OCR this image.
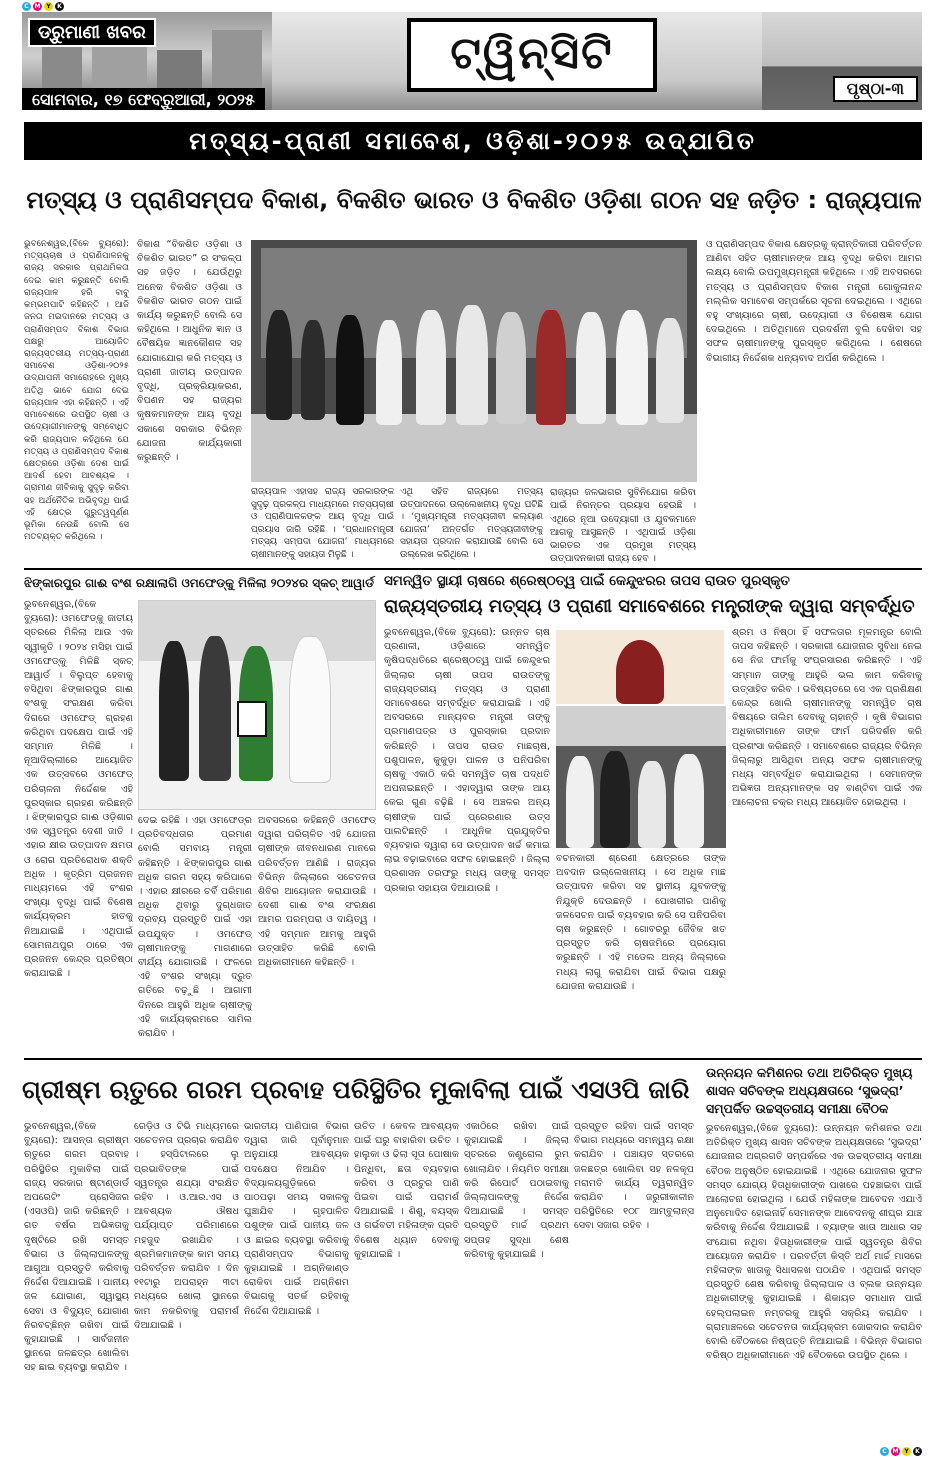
C M Y	K
C M Y	K
ଡ୍ରୁମାଣୀ ଖବର	ଟ୍ୱିନ୍‌ସିଟି
ସୋମବାର, ୧୭ ଫେବ୍ରୁଆରୀ, ୨୦୨୫
ପୃଷ୍ଠା-୩
ମତ୍ସ୍ୟ-ପ୍ରାଣୀ ସମାବେଶ, ଓଡ଼ିଶା-୨୦୨୫ ଉଦ୍‌ଯାପିତ
ମତ୍ସ୍ୟ ଓ ପ୍ରାଣିସମ୍ପଦ ବିକାଶ, ବିକଶିତ ଭାରତ ଓ ବିକଶିତ ଓଡ଼ିଶା ଗଠନ ସହ ଜଡ଼ିତ : ରାଜ୍ୟପାଳ

ଭୁବନେଶ୍ୱର,(ବିକେ ବ୍ୟୁରୋ): ମତ୍ସ୍ୟଚାଷ ଓ ପ୍ରାଣିପାଳନକୁ ରାଜ୍ୟ ସରକାର ପ୍ରାଥମିକତା ଦେଇ କାମ କରୁଛନ୍ତି ବୋଲି ରାଜ୍ୟପାଳ ହରି ବାବୁ କମ୍ଭମପାଟି କହିଛନ୍ତି । ଆଜି ଜନତା ମଇଦାନରେ ମତ୍ସ୍ୟ ଓ ପ୍ରାଣିସମ୍ପଦ ବିକାଶ ବିଭାଗ ପକ୍ଷରୁ ଆୟୋଜିତ ରାଜ୍ୟସ୍ତରୀୟ ମତ୍ସ୍ୟ-ପ୍ରାଣୀ ସମାବେଶ ଓଡ଼ିଶା-୨୦୨୫ ଉଦ୍‌ଯାପନୀ ସମାରୋହରେ ମୁଖ୍ୟ ଅତିଥି ଭାବେ ଯୋଗ ଦେଇ ରାଜ୍ୟପାଳ ଏହା କହିଛନ୍ତି । ଏହି ସମାବେଶରେ ଉପସ୍ଥିତ ଚାଷୀ ଓ ଉଦ୍ୟୋଗୀମାନଙ୍କୁ ସମ୍ବୋଧିତ କରି ରାଜ୍ୟପାଳ କହିଥିଲେ ଯେ ମତ୍ସ୍ୟ ଓ ପ୍ରାଣିସମ୍ପଦ ବିକାଶ କ୍ଷେତ୍ରରେ ଓଡ଼ିଶା ଦେଶ ପାଇଁ ଆଦର୍ଶ ହେବା ଆବଶ୍ୟକ । ଗ୍ରାମୀଣ ଜୀବିକାକୁ ସୁଦୃଢ଼ କରିବା ସହ ଅର୍ଥନୈତିକ ଅଭିବୃଦ୍ଧି ପାଇଁ ଏହି କ୍ଷେତ୍ର ଗୁରୁତ୍ୱପୂର୍ଣ୍ଣ ଭୂମିକା ନେଉଛି ବୋଲି ସେ ମତବ୍ୟକ୍ତ କରିଥିଲେ ।

ବିକାଶ “ବିକଶିତ ଓଡ଼ିଶା ଓ ବିକଶିତ ଭାରତ” ର ସଂକଳ୍ପ ସହ ଜଡ଼ିତ । ଯେଉଁଥିରୁ ଅନେକ ବିକଶିତ ଓଡ଼ିଶା ଓ ବିକଶିତ ଭାରତ ଗଠନ ପାଇଁ କାର୍ଯ୍ୟ କରୁଛନ୍ତି ବୋଲି ସେ କହିଥିଲେ । ଆଧୁନିକ ଜ୍ଞାନ ଓ ବୈଷୟିକ ଜ୍ଞାନକୌଶଳ ସହ ଯୋଗାଯୋଗ କରି ମତ୍ସ୍ୟ ଓ ପ୍ରାଣୀ ଜାତୀୟ ଉତ୍ପାଦନ ବୃଦ୍ଧି, ପ୍ରକ୍ରିୟାକରଣ, ବିପଣନ ସହ ରାଜ୍ୟର କୃଷକମାନଙ୍କ ଆୟ ବୃଦ୍ଧି ସକାଶେ ସରକାର ବିଭିନ୍ନ ଯୋଜନା କାର୍ଯ୍ୟକାରୀ କରୁଛନ୍ତି ।

ରାଜ୍ୟପାଳ ଏହାସହ ରାଜ୍ୟ ସରକାରଙ୍କ ସୁଦୃଢ଼ ପ୍ରକଳ୍ପ ମାଧ୍ୟମରେ ମତ୍ସ୍ୟଚାଷୀ ଓ ପ୍ରାଣିପାଳକଙ୍କ ଆୟ ବୃଦ୍ଧି ପାଇଁ ପ୍ରୟାସ ଜାରି ରହିଛି । ‘ପ୍ରଧାନମନ୍ତ୍ରୀ ମତ୍ସ୍ୟ ସମ୍ପଦା ଯୋଜନା’ ମାଧ୍ୟମରେ ଚାଷୀମାନଙ୍କୁ ସହାୟତା ମିଳୁଛି ।

ଏଥି ସହିତ ରାଜ୍ୟରେ ମତ୍ସ୍ୟ ଉତ୍ପାଦନରେ ଉଲ୍ଲେଖନୀୟ ବୃଦ୍ଧି ଘଟିଛି । ‘ମୁଖ୍ୟମନ୍ତ୍ରୀ ମତ୍ସ୍ୟଜୀବୀ କଲ୍ୟାଣ ଯୋଜନା’ ଅନ୍ତର୍ଗତ ମତ୍ସ୍ୟଜୀବୀଙ୍କୁ ସହାୟତା ପ୍ରଦାନ କରାଯାଉଛି ବୋଲି ସେ ଉଲ୍ଲେଖ କରିଥିଲେ ।

ରାଜ୍ୟର ଜଳଭାଗର ସୁବିନିଯୋଗ କରିବା ପାଇଁ ନିରନ୍ତର ପ୍ରୟାସ ହେଉଛି । ଏଥିରେ ନୂଆ ଉଦ୍ୟୋଗୀ ଓ ଯୁବକମାନେ ଆଗକୁ ଆସୁଛନ୍ତି । ଏଥିପାଇଁ ଓଡ଼ିଶା ଭାରତର ଏକ ପ୍ରମୁଖ ମତ୍ସ୍ୟ ଉତ୍ପାଦନକାରୀ ରାଜ୍ୟ ହେବ ।

ଓ ପ୍ରାଣିସମ୍ପଦ ବିକାଶ କ୍ଷେତ୍ରକୁ କ୍ରାନ୍ତିକାରୀ ପରିବର୍ତ୍ତନ ଆଣିବା ସହିତ ଚାଷୀମାନଙ୍କ ଆୟ ବୃଦ୍ଧି କରିବା ଆମର ଲକ୍ଷ୍ୟ ବୋଲି ଉପମୁଖ୍ୟମନ୍ତ୍ରୀ କହିଥିଲେ । ଏହି ଅବସରରେ ମତ୍ସ୍ୟ ଓ ପ୍ରାଣିସମ୍ପଦ ବିକାଶ ମନ୍ତ୍ରୀ ଗୋକୁଳାନନ୍ଦ ମଲ୍ଲିକ ସମାବେଶ ସମ୍ପର୍କରେ ସୂଚନା ଦେଇଥିଲେ । ଏଥିରେ ବହୁ ସଂଖ୍ୟାରେ ଚାଷୀ, ଉଦ୍ୟୋଗୀ ଓ ବିଶେଷଜ୍ଞ ଯୋଗ ଦେଇଥିଲେ । ଅତିଥିମାନେ ପ୍ରଦର୍ଶନୀ ବୁଲି ଦେଖିବା ସହ ସଫଳ ଚାଷୀମାନଙ୍କୁ ପୁରସ୍କୃତ କରିଥିଲେ । ଶେଷରେ ବିଭାଗୀୟ ନିର୍ଦ୍ଦେଶକ ଧନ୍ୟବାଦ ଅର୍ପଣ କରିଥିଲେ ।

ଝିଙ୍କାରପୁର ଗାଈ ବଂଶ ରକ୍ଷାଲାଗି ଓମଫେଡ୍‌କୁ ମିଳିଲା ୨୦୨୪ର ସ୍କଚ୍ ଆୱାର୍ଡ

ଭୁବନେଶ୍ୱର,(ବିକେ ବ୍ୟୁରୋ): ଓମଫେଡ୍‌କୁ ଜାତୀୟ ସ୍ତରରେ ମିଳିଲା ଆଉ ଏକ ସ୍ୱୀକୃତି । ୨୦୨୪ ମସିହା ପାଇଁ ଓମଫେଡ୍‌କୁ ମିଳିଛି ସ୍କଚ୍ ଆୱାର୍ଡ । ବିଲୁପ୍ତ ହେବାକୁ ବସିଥିବା ଝିଙ୍କାରପୁର ଗାଈ ବଂଶକୁ ସଂରକ୍ଷଣ କରିବା ଦିଗରେ ଓମଫେଡ୍ ଗ୍ରହଣ କରିଥିବା ପଦକ୍ଷେପ ପାଇଁ ଏହି ସମ୍ମାନ ମିଳିଛି । ନୂଆଦିଲ୍ଲୀରେ ଆୟୋଜିତ ଏକ ଉତ୍ସବରେ ଓମଫେଡ୍ ପରିଚାଳନା ନିର୍ଦ୍ଦେଶକ ଏହି ପୁରସ୍କାର ଗ୍ରହଣ କରିଛନ୍ତି । ଝିଙ୍କାରପୁର ଗାଈ ଓଡ଼ିଶାର ଏକ ସ୍ୱତନ୍ତ୍ର ଦେଶୀ ଜାତି । ଏହାର କ୍ଷୀର ଉତ୍ପାଦନ କ୍ଷମତା ଓ ରୋଗ ପ୍ରତିରୋଧକ ଶକ୍ତି ଅଧିକ । କୃତ୍ରିମ ପ୍ରଜନନ ମାଧ୍ୟମରେ ଏହି ବଂଶର ସଂଖ୍ୟା ବୃଦ୍ଧି ପାଇଁ ବିଶେଷ କାର୍ଯ୍ୟକ୍ରମ ହାତକୁ ନିଆଯାଇଛି । ଏଥିପାଇଁ ସୋମନାଥପୁର ଠାରେ ଏକ ପ୍ରଜନନ କେନ୍ଦ୍ର ପ୍ରତିଷ୍ଠା କରାଯାଇଛି ।

ଦେଇ ରହିଛି । ଏହା ଓମଫେଡ୍‌ର ପ୍ରତିବଦ୍ଧତାର ପ୍ରମାଣ ବୋଲି ସମବାୟ ମନ୍ତ୍ରୀ କହିଛନ୍ତି । ଝିଙ୍କାରପୁର ଗାଈ ଅଧିକ ଗରମ ସହ୍ୟ କରିପାରେ । ଏହାର କ୍ଷୀରରେ ଚର୍ବି ପରିମାଣ ଅଧିକ ଥିବାରୁ ଦୁଗ୍ଧଜାତ ଦ୍ରବ୍ୟ ପ୍ରସ୍ତୁତି ପାଇଁ ଏହା ଉପଯୁକ୍ତ । ଓମଫେଡ୍ ଚାଷୀମାନଙ୍କୁ ମାଗଣାରେ ବୀର୍ଯ୍ୟ ଯୋଗାଉଛି । ଫଳରେ ଏହି ବଂଶର ସଂଖ୍ୟା ଦ୍ରୁତ ଗତିରେ ବଢ଼ୁଛି । ଆଗାମୀ ଦିନରେ ଆହୁରି ଅଧିକ ଚାଷୀଙ୍କୁ ଏହି କାର୍ଯ୍ୟକ୍ରମରେ ସାମିଲ କରାଯିବ ।

ଅବସରରେ କହିଛନ୍ତି ଓମଫେଡ୍ ଦ୍ୱାରା ପରିଚାଳିତ ଏହି ଯୋଜନା ଚାଷୀଙ୍କ ଜୀବନଧାରଣ ମାନରେ ପରିବର୍ତ୍ତନ ଆଣିଛି । ରାଜ୍ୟର ବିଭିନ୍ନ ଜିଲ୍ଲାରେ ସଚେତନତା ଶିବିର ଆୟୋଜନ କରାଯାଉଛି । ଦେଶୀ ଗାଈ ବଂଶ ସଂରକ୍ଷଣ ଆମର ପରମ୍ପରା ଓ ଦାୟିତ୍ୱ । ଏହି ସମ୍ମାନ ଆମକୁ ଆହୁରି ଉତ୍ସାହିତ କରିଛି ବୋଲି ଅଧିକାରୀମାନେ କହିଛନ୍ତି ।

ସମନ୍ୱିତ ସ୍ଥାୟୀ ଚାଷରେ ଶ୍ରେଷ୍ଠତ୍ୱ ପାଇଁ କେନ୍ଦୁଝରର ତାପସ ରାଉତ ପୁରସ୍କୃତ
ରାଜ୍ୟସ୍ତରୀୟ ମତ୍ସ୍ୟ ଓ ପ୍ରାଣୀ ସମାବେଶରେ ମନ୍ତ୍ରୀଙ୍କ ଦ୍ୱାରା ସମ୍ବର୍ଦ୍ଧିତ

ଭୁବନେଶ୍ୱର,(ବିକେ ବ୍ୟୁରୋ): ଉନ୍ନତ ଚାଷ ପ୍ରଣାଳୀ, ଓଡ଼ିଶାରେ ସମନ୍ୱିତ କୃଷିପଦ୍ଧତିରେ ଶ୍ରେଷ୍ଠତ୍ୱ ପାଇଁ କେନ୍ଦୁଝର ଜିଲ୍ଲାର ଚାଷୀ ତାପସ ରାଉତଙ୍କୁ ରାଜ୍ୟସ୍ତରୀୟ ମତ୍ସ୍ୟ ଓ ପ୍ରାଣୀ ସମାବେଶରେ ସମ୍ବର୍ଦ୍ଧିତ କରାଯାଇଛି । ଏହି ଅବସରରେ ମାନ୍ୟବର ମନ୍ତ୍ରୀ ତାଙ୍କୁ ପ୍ରମାଣପତ୍ର ଓ ପୁରସ୍କାର ପ୍ରଦାନ କରିଛନ୍ତି । ତାପସ ରାଉତ ମାଛଚାଷ, ପଶୁପାଳନ, କୁକୁଡ଼ା ପାଳନ ଓ ପନିପରିବା ଚାଷକୁ ଏକାଠି କରି ସମନ୍ୱିତ ଚାଷ ପଦ୍ଧତି ଅପନାଇଛନ୍ତି । ଏହାଦ୍ୱାରା ତାଙ୍କ ଆୟ କେଇ ଗୁଣ ବଢ଼ିଛି । ସେ ଅଞ୍ଚଳର ଅନ୍ୟ ଚାଷୀଙ୍କ ପାଇଁ ପ୍ରେରଣାର ଉତ୍ସ ପାଲଟିଛନ୍ତି । ଆଧୁନିକ ପ୍ରଯୁକ୍ତିର ବ୍ୟବହାର ଦ୍ୱାରା ସେ ଉତ୍ପାଦନ ଖର୍ଚ୍ଚ କମାଇ ଲାଭ ବଢ଼ାଇବାରେ ସଫଳ ହୋଇଛନ୍ତି । ଜିଲ୍ଲା ପ୍ରଶାସନ ତରଫରୁ ମଧ୍ୟ ତାଙ୍କୁ ସମସ୍ତ ପ୍ରକାର ସହାୟତା ଦିଆଯାଉଛି ।

ବଚନକାରୀ ଶ୍ରେଣୀ କ୍ଷେତ୍ରରେ ତାଙ୍କ ଅବଦାନ ଉଲ୍ଲେଖନୀୟ । ସେ ଅଧିକ ମାଛ ଉତ୍ପାଦନ କରିବା ସହ ସ୍ଥାନୀୟ ଯୁବକଙ୍କୁ ନିଯୁକ୍ତି ଦେଉଛନ୍ତି । ପୋଖରୀର ପାଣିକୁ ଜଳସେଚନ ପାଇଁ ବ୍ୟବହାର କରି ସେ ପନିପରିବା ଚାଷ କରୁଛନ୍ତି । ଗୋବରରୁ ଜୈବିକ ଖତ ପ୍ରସ୍ତୁତ କରି ଚାଷଜମିରେ ପ୍ରୟୋଗ କରୁଛନ୍ତି । ଏହି ମଡେଲ ଅନ୍ୟ ଜିଲ୍ଲାରେ ମଧ୍ୟ ଲାଗୁ କରାଯିବା ପାଇଁ ବିଭାଗ ପକ୍ଷରୁ ଯୋଜନା କରାଯାଉଛି ।

ଶ୍ରମ ଓ ନିଷ୍ଠା ହିଁ ସଫଳତାର ମୂଳମନ୍ତ୍ର ବୋଲି ତାପସ କହିଛନ୍ତି । ସରକାରୀ ଯୋଜନାର ସୁବିଧା ନେଇ ସେ ନିଜ ଫାର୍ମକୁ ସଂପ୍ରସାରଣ କରିଛନ୍ତି । ଏହି ସମ୍ମାନ ତାଙ୍କୁ ଆହୁରି ଭଲ କାମ କରିବାକୁ ଉତ୍ସାହିତ କରିବ । ଭବିଷ୍ୟତରେ ସେ ଏକ ପ୍ରଶିକ୍ଷଣ କେନ୍ଦ୍ର ଖୋଲି ଚାଷୀମାନଙ୍କୁ ସମନ୍ୱିତ ଚାଷ ବିଷୟରେ ତାଲିମ ଦେବାକୁ ଚାହାନ୍ତି । କୃଷି ବିଭାଗର ଅଧିକାରୀମାନେ ତାଙ୍କ ଫାର୍ମ ପରିଦର୍ଶନ କରି ପ୍ରଶଂସା କରିଛନ୍ତି । ସମାବେଶରେ ରାଜ୍ୟର ବିଭିନ୍ନ ଜିଲ୍ଲାରୁ ଆସିଥିବା ଅନ୍ୟ ସଫଳ ଚାଷୀମାନଙ୍କୁ ମଧ୍ୟ ସମ୍ବର୍ଦ୍ଧିତ କରାଯାଇଥିଲା । ସେମାନଙ୍କ ଅଭିଜ୍ଞତା ଅନ୍ୟମାନଙ୍କ ସହ ବାଣ୍ଟିବା ପାଇଁ ଏକ ଆଲୋଚନା ଚକ୍ର ମଧ୍ୟ ଆୟୋଜିତ ହୋଇଥିଲା ।

ଗ୍ରୀଷ୍ମ ଋତୁରେ ଗରମ ପ୍ରବାହ ପରିସ୍ଥିତିର ମୁକାବିଲା ପାଇଁ ଏସଓପି ଜାରି

ଭୁବନେଶ୍ୱର,(ବିକେ ବ୍ୟୁରୋ): ଆସନ୍ତା ଗ୍ରୀଷ୍ମ ଋତୁରେ ଗରମ ପ୍ରବାହ ପରିସ୍ଥିତିର ମୁକାବିଲା ପାଇଁ ରାଜ୍ୟ ସରକାର ଷ୍ଟାଣ୍ଡାର୍ଡ ଅପରେଟିଂ ପ୍ରୋସିଜର (ଏସଓପି) ଜାରି କରିଛନ୍ତି । ଗତ ବର୍ଷର ଅଭିଜ୍ଞତାକୁ ଦୃଷ୍ଟିରେ ରଖି ସମସ୍ତ ବିଭାଗ ଓ ଜିଲ୍ଲାପାଳଙ୍କୁ ଆଗୁଆ ପ୍ରସ୍ତୁତି କରିବାକୁ ନିର୍ଦ୍ଦେଶ ଦିଆଯାଇଛି । ପାନୀୟ ଜଳ ଯୋଗାଣ, ସ୍ୱାସ୍ଥ୍ୟ ସେବା ଓ ବିଦ୍ୟୁତ୍ ଯୋଗାଣ ନିରବଚ୍ଛିନ୍ନ ରଖିବା ପାଇଁ କୁହାଯାଇଛି । ସାର୍ବଜନୀନ ସ୍ଥାନରେ ଜଳଛତ୍ର ଖୋଲିବା ସହ ଛାଇ ବ୍ୟବସ୍ଥା କରାଯିବ ।

ରେଡ଼ିଓ ଓ ଟିଭି ମାଧ୍ୟମରେ ସଚେତନତା ପ୍ରଚାର କରାଯିବ । ହସ୍ପିଟାଲରେ ଲୁ ପ୍ରଭାବିତଙ୍କ ପାଇଁ ସ୍ୱତନ୍ତ୍ର ଶଯ୍ୟା ସଂରକ୍ଷିତ ରହିବ । ଓ.ଆର.ଏସ ଓ ଆବଶ୍ୟକ ଔଷଧ ପର୍ଯ୍ୟାପ୍ତ ପରିମାଣରେ ମହଜୁଦ ରଖାଯିବ । ଶ୍ରମିକମାନଙ୍କ କାମ ସମୟ ପରିବର୍ତ୍ତନ କରାଯିବ । ଦିନ ୧୧ଟାରୁ ଅପରାହ୍ନ ୩ଟା ମଧ୍ୟରେ ଖୋଲା ସ୍ଥାନରେ କାମ ନକରିବାକୁ ପରାମର୍ଶ ଦିଆଯାଇଛି ।

ଭାରତୀୟ ପାଣିପାଗ ବିଭାଗ ଦ୍ୱାରା ଜାରି ପୂର୍ବାନୁମାନ ଅନୁଯାୟୀ ଆବଶ୍ୟକ ପଦକ୍ଷେପ ନିଆଯିବ । ବିଦ୍ୟାଳୟଗୁଡ଼ିକରେ ପାଠପଢ଼ା ସମୟ ସକାଳକୁ ଘୁଞ୍ଚାଯିବ । ଗୃହପାଳିତ ପଶୁଙ୍କ ପାଇଁ ପାନୀୟ ଜଳ ଓ ଛାଇର ବ୍ୟବସ୍ଥା କରିବାକୁ ପ୍ରାଣିସମ୍ପଦ ବିଭାଗକୁ କୁହାଯାଇଛି । ଅଗ୍ନିକାଣ୍ଡ ରୋକିବା ପାଇଁ ଅଗ୍ନିଶମ ବିଭାଗକୁ ସତର୍କ ରହିବାକୁ ନିର୍ଦ୍ଦେଶ ଦିଆଯାଇଛି ।

ଉଚିତ । କେବଳ ଆବଶ୍ୟକ ପାଇଁ ଘରୁ ବାହାରିବା ଉଚିତ । ହାଲୁକା ଓ ଢିଲା ସୂତା ପୋଷାକ ପିନ୍ଧିବା, ଛତା ବ୍ୟବହାର କରିବା ଓ ପ୍ରଚୁର ପାଣି ପିଇବା ପାଇଁ ପରାମର୍ଶ ଦିଆଯାଇଛି । ଶିଶୁ, ବୟସ୍କ ଓ ଗର୍ଭବତୀ ମହିଳାଙ୍କ ପ୍ରତି ବିଶେଷ ଧ୍ୟାନ ଦେବାକୁ କୁହାଯାଇଛି ।

ଏକାଠିରେ ରଖିବା ପାଇଁ କୁହାଯାଇଛି । ଜିଲ୍ଲା ସ୍ତରରେ କଣ୍ଟ୍ରୋଲ ରୁମ ଖୋଲାଯିବ । ନିୟମିତ ସମୀକ୍ଷା କରି ରିପୋର୍ଟ ପଠାଇବାକୁ ଜିଲ୍ଲାପାଳଙ୍କୁ ନିର୍ଦ୍ଦେଶ ଦିଆଯାଇଛି । ସମସ୍ତ ପ୍ରସ୍ତୁତି ମାର୍ଚ୍ଚ ପ୍ରଥମ ସପ୍ତାହ ସୁଦ୍ଧା ଶେଷ କରିବାକୁ କୁହାଯାଇଛି ।

ପ୍ରସ୍ତୁତ ରହିବା ପାଇଁ ସମସ୍ତ ବିଭାଗ ମଧ୍ୟରେ ସମନ୍ୱୟ ରକ୍ଷା କରାଯିବ । ପଞ୍ଚାୟତ ସ୍ତରରେ ଜଳଛତ୍ର ଖୋଲିବା ସହ ନଳକୂପ ମରାମତି କାର୍ଯ୍ୟ ତ୍ୱରାନ୍ୱିତ କରାଯିବ । ଜରୁରୀକାଳୀନ ପରିସ୍ଥିତିରେ ୧୦୮ ଆମ୍ବୁଲାନ୍ସ ସେବା ସଜାଗ ରହିବ ।

ଉନ୍ନୟନ କମିଶନର ତଥା ଅତିରିକ୍ତ ମୁଖ୍ୟ ଶାସନ ସଚିବଙ୍କ ଅଧ୍ୟକ୍ଷତାରେ ‘ସୁଭଦ୍ରା’ ସମ୍ପର୍କିତ ଉଚ୍ଚସ୍ତରୀୟ ସମୀକ୍ଷା ବୈଠକ

ଭୁବନେଶ୍ୱର,(ବିକେ ବ୍ୟୁରୋ): ଉନ୍ନୟନ କମିଶନର ତଥା ଅତିରିକ୍ତ ମୁଖ୍ୟ ଶାସନ ସଚିବଙ୍କ ଅଧ୍ୟକ୍ଷତାରେ ‘ସୁଭଦ୍ରା’ ଯୋଜନାର ଅଗ୍ରଗତି ସମ୍ପର୍କରେ ଏକ ଉଚ୍ଚସ୍ତରୀୟ ସମୀକ୍ଷା ବୈଠକ ଅନୁଷ୍ଠିତ ହୋଇଯାଇଛି । ଏଥିରେ ଯୋଜନାର ସୁଫଳ ସମସ୍ତ ଯୋଗ୍ୟ ହିତାଧିକାରୀଙ୍କ ପାଖରେ ପହଞ୍ଚାଇବା ପାଇଁ ଆଲୋଚନା ହୋଇଥିଲା । ଯେଉଁ ମହିଳାଙ୍କ ଆବେଦନ ଏଯାଏଁ ଅନୁମୋଦିତ ହୋଇନାହିଁ ସେମାନଙ୍କ ଆବେଦନକୁ ଶୀଘ୍ର ଯାଞ୍ଚ କରିବାକୁ ନିର୍ଦ୍ଦେଶ ଦିଆଯାଇଛି । ବ୍ୟାଙ୍କ ଖାତା ଆଧାର ସହ ସଂଯୋଗ ନଥିବା ହିତାଧିକାରୀଙ୍କ ପାଇଁ ସ୍ୱତନ୍ତ୍ର ଶିବିର ଆୟୋଜନ କରାଯିବ । ପରବର୍ତ୍ତୀ କିସ୍ତି ଅର୍ଥ ମାର୍ଚ୍ଚ ମାସରେ ମହିଳାଙ୍କ ଖାତାକୁ ସିଧାସଳଖ ପଠାଯିବ । ଏଥିପାଇଁ ସମସ୍ତ ପ୍ରସ୍ତୁତି ଶେଷ କରିବାକୁ ଜିଲ୍ଲାପାଳ ଓ ବ୍ଲକ ଉନ୍ନୟନ ଅଧିକାରୀଙ୍କୁ କୁହାଯାଇଛି । ଶିକାୟତ ସମାଧାନ ପାଇଁ ହେଲ୍ପଲାଇନ ନମ୍ବରକୁ ଆହୁରି ସକ୍ରିୟ କରାଯିବ । ଗ୍ରାମାଞ୍ଚଳରେ ସଚେତନତା କାର୍ଯ୍ୟକ୍ରମ ଜୋରଦାର କରାଯିବ ବୋଲି ବୈଠକରେ ନିଷ୍ପତ୍ତି ନିଆଯାଇଛି । ବିଭିନ୍ନ ବିଭାଗର ବରିଷ୍ଠ ଅଧିକାରୀମାନେ ଏହି ବୈଠକରେ ଉପସ୍ଥିତ ଥିଲେ ।
